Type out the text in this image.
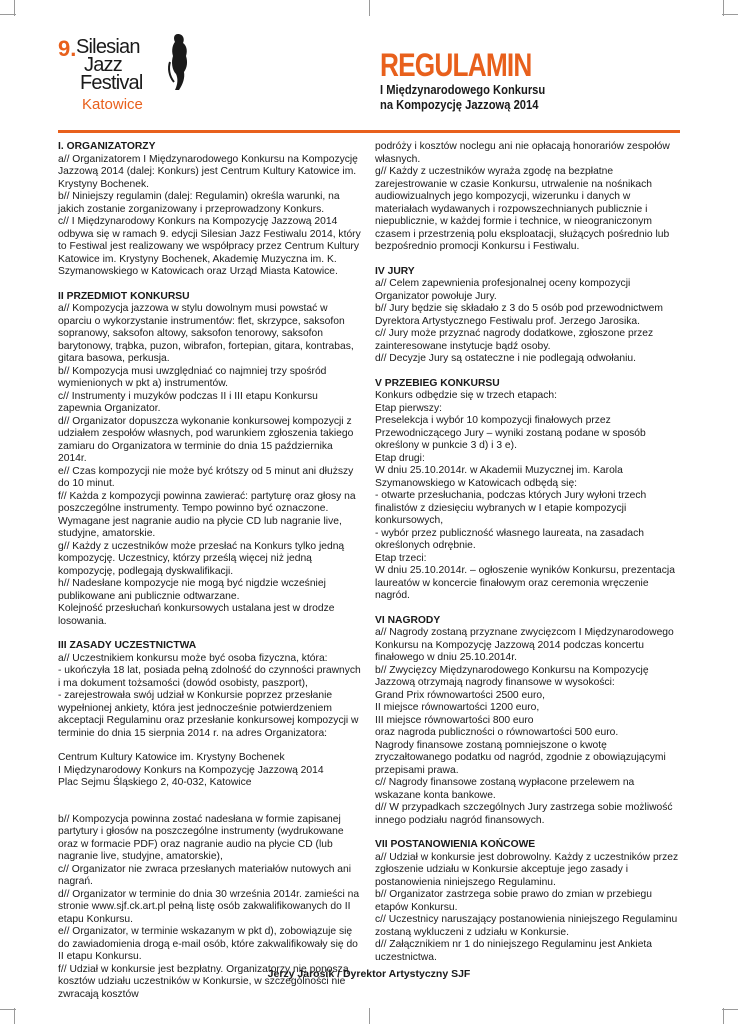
9. Silesian
Jazz
Festival
Katowice
REGULAMIN
I Międzynarodowego Konkursu
na Kompozycję Jazzową 2014
I. ORGANIZATORZY

a// Organizatorem I Międzynarodowego Konkursu na Kompozycję Jazzową 2014 (dalej: Konkurs) jest Centrum Kultury Katowice im. Krystyny Bochenek.

b// Niniejszy regulamin (dalej: Regulamin) określa warunki, na jakich zostanie zorganizowany i przeprowadzony Konkurs.

c// I Międzynarodowy Konkurs na Kompozycję Jazzową 2014 odbywa się w ramach 9. edycji Silesian Jazz Festiwalu 2014, który to Festiwal jest realizowany we współpracy przez Centrum Kultury Katowice im. Krystyny Bochenek, Akademię Muzyczna im. K. Szymanowskiego w Katowicach oraz Urząd Miasta Katowice.

II PRZEDMIOT KONKURSU

a// Kompozycja jazzowa w stylu dowolnym musi powstać w oparciu o wykorzystanie instrumentów: flet, skrzypce, saksofon sopranowy, saksofon altowy, saksofon tenorowy, saksofon barytonowy, trąbka, puzon, wibrafon, fortepian, gitara, kontrabas, gitara basowa, perkusja.

b// Kompozycja musi uwzględniać co najmniej trzy spośród wymienionych w pkt a) instrumentów.

c// Instrumenty i muzyków podczas II i III etapu Konkursu zapewnia Organizator.

d// Organizator dopuszcza wykonanie konkursowej kompozycji z udziałem zespołów własnych, pod warunkiem zgłoszenia takiego zamiaru do Organizatora w terminie do dnia 15 października 2014r.

e// Czas kompozycji nie może być krótszy od 5 minut ani dłuższy do 10 minut.

f// Każda z kompozycji powinna zawierać: partyturę oraz głosy na poszczególne instrumenty. Tempo powinno być oznaczone. Wymagane jest nagranie audio na płycie CD lub nagranie live, studyjne, amatorskie.

g// Każdy z uczestników może przesłać na Konkurs tylko jedną kompozycję. Uczestnicy, którzy prześlą więcej niż jedną kompozycję, podlegają dyskwalifikacji.

h// Nadesłane kompozycje nie mogą być nigdzie wcześniej publikowane ani publicznie odtwarzane.

Kolejność przesłuchań konkursowych ustalana jest w drodze losowania.

III ZASADY UCZESTNICTWA

a// Uczestnikiem konkursu może być osoba fizyczna, która:

- ukończyła 18 lat, posiada pełną zdolność do czynności prawnych i ma dokument tożsamości (dowód osobisty, paszport),

- zarejestrowała swój udział w Konkursie poprzez przesłanie wypełnionej ankiety, która jest jednocześnie potwierdzeniem akceptacji Regulaminu oraz przesłanie konkursowej kompozycji w terminie do dnia 15 sierpnia 2014 r. na adres Organizatora:

Centrum Kultury Katowice im. Krystyny Bochenek

I Międzynarodowy Konkurs na Kompozycję Jazzową 2014

Plac Sejmu Śląskiego 2, 40-032, Katowice

b// Kompozycja powinna zostać nadesłana w formie zapisanej partytury i głosów na poszczególne instrumenty (wydrukowane oraz w formacie PDF) oraz nagranie audio na płycie CD (lub nagranie live, studyjne, amatorskie),

c// Organizator nie zwraca przesłanych materiałów nutowych ani nagrań.

d// Organizator w terminie do dnia 30 września 2014r. zamieści na stronie www.sjf.ck.art.pl pełną listę osób zakwalifikowanych do II etapu Konkursu.

e// Organizator, w terminie wskazanym w pkt d), zobowiązuje się do zawiadomienia drogą e-mail osób, które zakwalifikowały się do II etapu Konkursu.

f// Udział w konkursie jest bezpłatny. Organizatorzy nie ponoszą kosztów udziału uczestników w Konkursie, w szczególności nie zwracają kosztów

podróży i kosztów noclegu ani nie opłacają honorariów zespołów własnych.

g// Każdy z uczestników wyraża zgodę na bezpłatne zarejestrowanie w czasie Konkursu, utrwalenie na nośnikach audiowizualnych jego kompozycji, wizerunku i danych w materiałach wydawanych i rozpowszechnianych publicznie i niepublicznie, w każdej formie i technice, w nieograniczonym czasem i przestrzenią polu eksploatacji, służących pośrednio lub bezpośrednio promocji Konkursu i Festiwalu.

IV JURY

a// Celem zapewnienia profesjonalnej oceny kompozycji Organizator powołuje Jury.

b// Jury będzie się składało z 3 do 5 osób pod przewodnictwem Dyrektora Artystycznego Festiwalu prof. Jerzego Jarosika.

c// Jury może przyznać nagrody dodatkowe, zgłoszone przez zainteresowane instytucje bądź osoby.

d// Decyzje Jury są ostateczne i nie podlegają odwołaniu.

V PRZEBIEG KONKURSU

Konkurs odbędzie się w trzech etapach:

Etap pierwszy:

Preselekcja i wybór 10 kompozycji finałowych przez Przewodniczącego Jury – wyniki zostaną podane w sposób określony w punkcie 3 d) i 3 e).

Etap drugi:

W dniu 25.10.2014r. w Akademii Muzycznej im. Karola Szymanowskiego w Katowicach odbędą się:

- otwarte przesłuchania, podczas których Jury wyłoni trzech finalistów z dziesięciu wybranych w I etapie kompozycji konkursowych,

- wybór przez publiczność własnego laureata, na zasadach określonych odrębnie.

Etap trzeci:

W dniu 25.10.2014r. – ogłoszenie wyników Konkursu, prezentacja laureatów w koncercie finałowym oraz ceremonia wręczenie nagród.

VI NAGRODY

a// Nagrody zostaną przyznane zwycięzcom I Międzynarodowego Konkursu na Kompozycję Jazzową 2014 podczas koncertu finałowego w dniu 25.10.2014r.

b// Zwycięzcy Międzynarodowego Konkursu na Kompozycję Jazzową otrzymają nagrody finansowe w wysokości:

Grand Prix równowartości 2500 euro,

II miejsce równowartości 1200 euro,

III miejsce równowartości 800 euro

oraz nagroda publiczności o równowartości 500 euro.

Nagrody finansowe zostaną pomniejszone o kwotę zryczałtowanego podatku od nagród, zgodnie z obowiązującymi przepisami prawa.

c// Nagrody finansowe zostaną wypłacone przelewem na wskazane konta bankowe.

d// W przypadkach szczególnych Jury zastrzega sobie możliwość innego podziału nagród finansowych.

VII POSTANOWIENIA KOŃCOWE

a// Udział w konkursie jest dobrowolny. Każdy z uczestników przez zgłoszenie udziału w Konkursie akceptuje jego zasady i postanowienia niniejszego Regulaminu.

b// Organizator zastrzega sobie prawo do zmian w przebiegu etapów Konkursu.

c// Uczestnicy naruszający postanowienia niniejszego Regulaminu zostaną wykluczeni z udziału w Konkursie.

d// Załącznikiem nr 1 do niniejszego Regulaminu jest Ankieta uczestnictwa.

Jerzy Jarosik / Dyrektor Artystyczny SJF
